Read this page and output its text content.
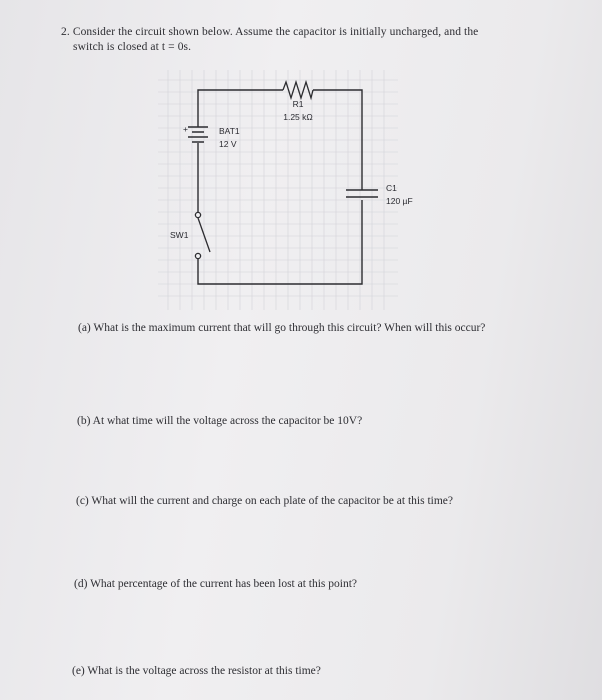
2. Consider the circuit shown below. Assume the capacitor is initially uncharged, and the
switch is closed at t = 0s.
R1
1.25 kΩ
+	BAT1
12 V
C1
120 µF
SW1
(a) What is the maximum current that will go through this circuit? When will this occur?
(b) At what time will the voltage across the capacitor be 10V?
(c) What will the current and charge on each plate of the capacitor be at this time?
(d) What percentage of the current has been lost at this point?
(e) What is the voltage across the resistor at this time?
